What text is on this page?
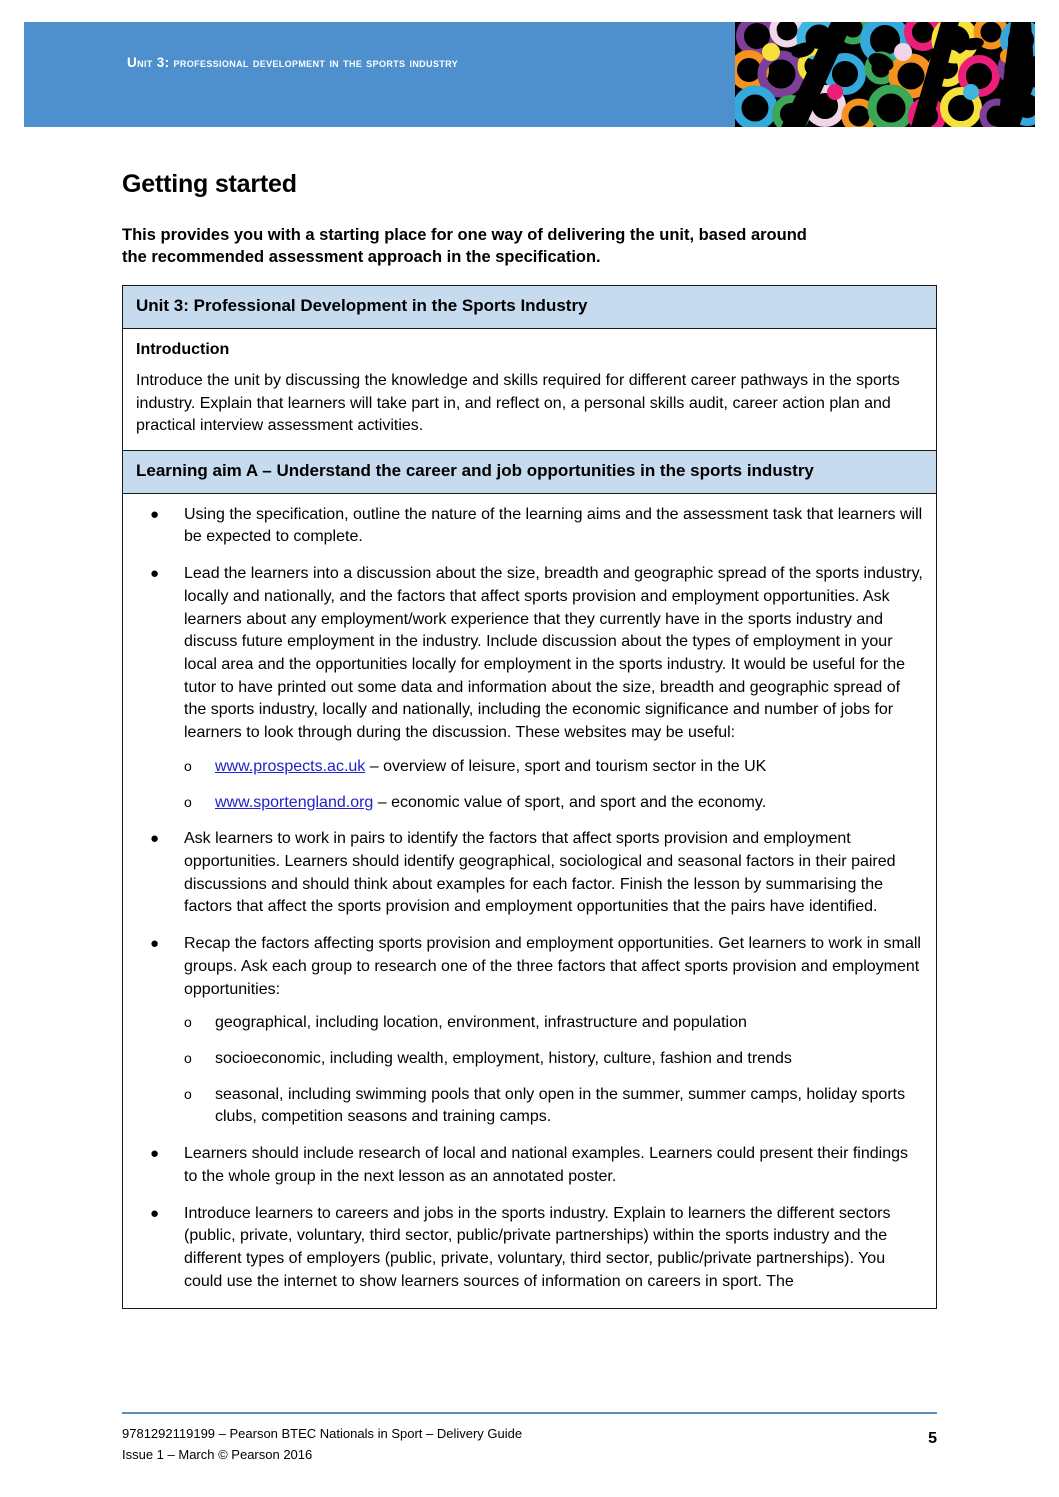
Unit 3: professional development in the sports industry
Getting started

This provides you with a starting place for one way of delivering the unit, based around the recommended assessment approach in the specification.

Unit 3: Professional Development in the Sports Industry

Introduction

Introduce the unit by discussing the knowledge and skills required for different career pathways in the sports industry. Explain that learners will take part in, and reflect on, a personal skills audit, career action plan and practical interview assessment activities.

Learning aim A – Understand the career and job opportunities in the sports industry

● Using the specification, outline the nature of the learning aims and the assessment task that learners will be expected to complete.
● Lead the learners into a discussion about the size, breadth and geographic spread of the sports industry, locally and nationally, and the factors that affect sports provision and employment opportunities. Ask learners about any employment/work experience that they currently have in the sports industry and discuss future employment in the industry. Include discussion about the types of employment in your local area and the opportunities locally for employment in the sports industry. It would be useful for the tutor to have printed out some data and information about the size, breadth and geographic spread of the sports industry, locally and nationally, including the economic significance and number of jobs for learners to look through during the discussion. These websites may be useful:
o www.prospects.ac.uk – overview of leisure, sport and tourism sector in the UK
o www.sportengland.org – economic value of sport, and sport and the economy.
● Ask learners to work in pairs to identify the factors that affect sports provision and employment opportunities. Learners should identify geographical, sociological and seasonal factors in their paired discussions and should think about examples for each factor. Finish the lesson by summarising the factors that affect the sports provision and employment opportunities that the pairs have identified.
● Recap the factors affecting sports provision and employment opportunities. Get learners to work in small groups. Ask each group to research one of the three factors that affect sports provision and employment opportunities:
o geographical, including location, environment, infrastructure and population
o socioeconomic, including wealth, employment, history, culture, fashion and trends
o seasonal, including swimming pools that only open in the summer, summer camps, holiday sports clubs, competition seasons and training camps.
● Learners should include research of local and national examples. Learners could present their findings to the whole group in the next lesson as an annotated poster.
● Introduce learners to careers and jobs in the sports industry. Explain to learners the different sectors (public, private, voluntary, third sector, public/private partnerships) within the sports industry and the different types of employers (public, private, voluntary, third sector, public/private partnerships). You could use the internet to show learners sources of information on careers in sport. The
9781292119199 – Pearson BTEC Nationals in Sport – Delivery Guide
Issue 1 – March © Pearson 2016
5
